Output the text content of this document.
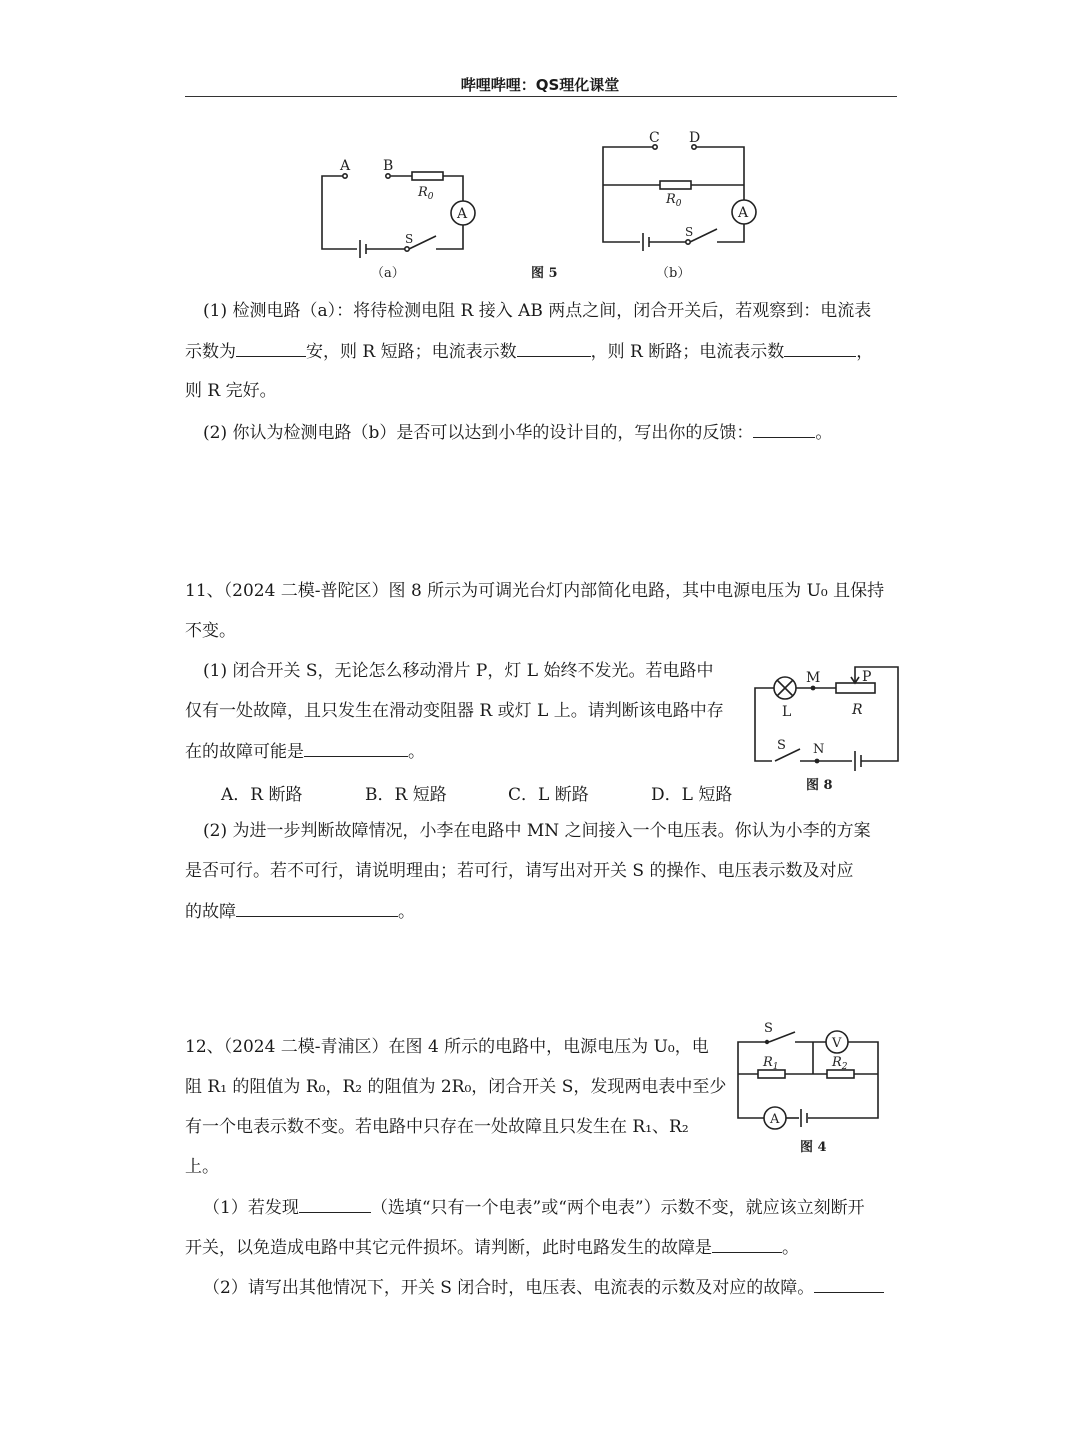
哔哩哔哩：QS理化课堂
A B
$R_0$
A
S
C D
$R_0$
A
S
（a）	图 5	（b）
(1) 检测电路（a）：将待检测电阻 R 接入 AB 两点之间，闭合开关后，若观察到：电流表
示数为	安，则 R 短路；电流表示数	，则 R 断路；电流表示数	，
则 R 完好。
(2) 你认为检测电路（b）是否可以达到小华的设计目的，写出你的反馈：	。
11、（2024 二模-普陀区）图 8 所示为可调光台灯内部简化电路，其中电源电压为 U₀ 且保持
不变。
(1) 闭合开关 S，无论怎么移动滑片 P，灯 L 始终不发光。若电路中
仅有一处故障，且只发生在滑动变阻器 R 或灯 L 上。请判断该电路中存
在的故障可能是	。
A．R 断路	B．R 短路	C．L 断路	D．L 短路
(2) 为进一步判断故障情况，小李在电路中 MN 之间接入一个电压表。你认为小李的方案
是否可行。若不可行，请说明理由；若可行，请写出对开关 S 的操作、电压表示数及对应
的故障	。
M	P
L	R
S N
图 8
12、（2024 二模-青浦区）在图 4 所示的电路中，电源电压为 U₀，电
阻 R₁ 的阻值为 R₀，R₂ 的阻值为 2R₀，闭合开关 S，发现两电表中至少
有一个电表示数不变。若电路中只存在一处故障且只发生在 R₁、R₂
上。
（1）若发现	（选填“只有一个电表”或“两个电表”）示数不变，就应该立刻断开
开关，以免造成电路中其它元件损坏。请判断，此时电路发生的故障是	。
（2）请写出其他情况下，开关 S 闭合时，电压表、电流表的示数及对应的故障。
S
V
$R_1$	$R_2$
A
图 4
